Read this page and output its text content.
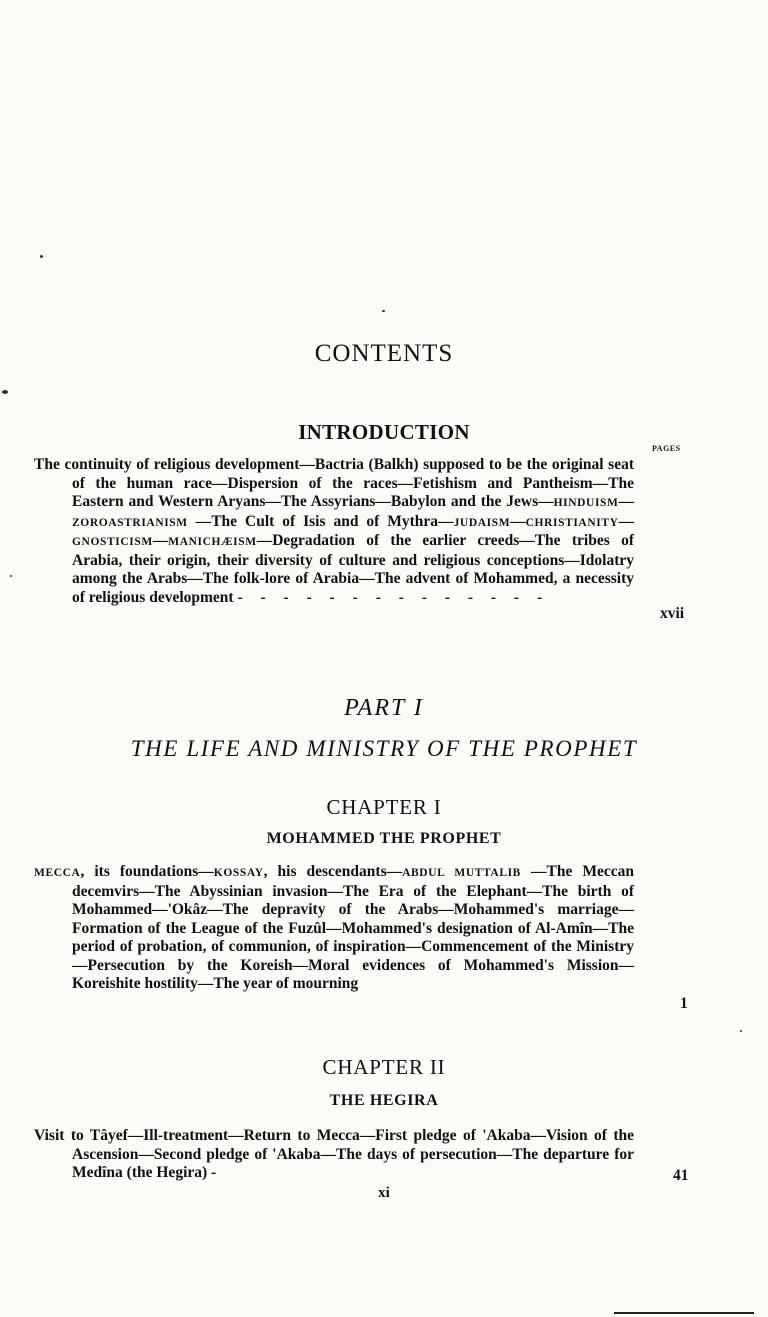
CONTENTS
INTRODUCTION
PAGES

The continuity of religious development—Bactria (Balkh) supposed to be the original seat of the human race—Dispersion of the races—Fetishism and Pantheism—The Eastern and Western Aryans—The Assyrians—Babylon and the Jews—HINDUISM—ZOROASTRIANISM —The Cult of Isis and of Mythra—JUDAISM—CHRISTIANITY— GNOSTICISM—MANICHÆISM—Degradation of the earlier creeds—The tribes of Arabia, their origin, their diversity of culture and religious conceptions—Idolatry among the Arabs—The folk-lore of Arabia—The advent of Mohammed, a necessity of religious development - - - - - - - - - - - - - -

xvii
PART I
THE LIFE AND MINISTRY OF THE PROPHET
CHAPTER I
MOHAMMED THE PROPHET

MECCA, its foundations—KOSSAY, his descendants—ABDUL MUTTALIB —The Meccan decemvirs—The Abyssinian invasion—The Era of the Elephant—The birth of Mohammed—'Okâz—The depravity of the Arabs—Mohammed's marriage—Formation of the League of the Fuzûl—Mohammed's designation of Al-Amîn—The period of probation, of communion, of inspiration—Commencement of the Ministry—Persecution by the Koreish—Moral evidences of Mohammed's Mission—Koreishite hostility—The year of mourning

1
CHAPTER II
THE HEGIRA

Visit to Tâyef—Ill-treatment—Return to Mecca—First pledge of 'Akaba—Vision of the Ascension—Second pledge of 'Akaba—The days of persecution—The departure for Medîna (the Hegira) -	41
xi
